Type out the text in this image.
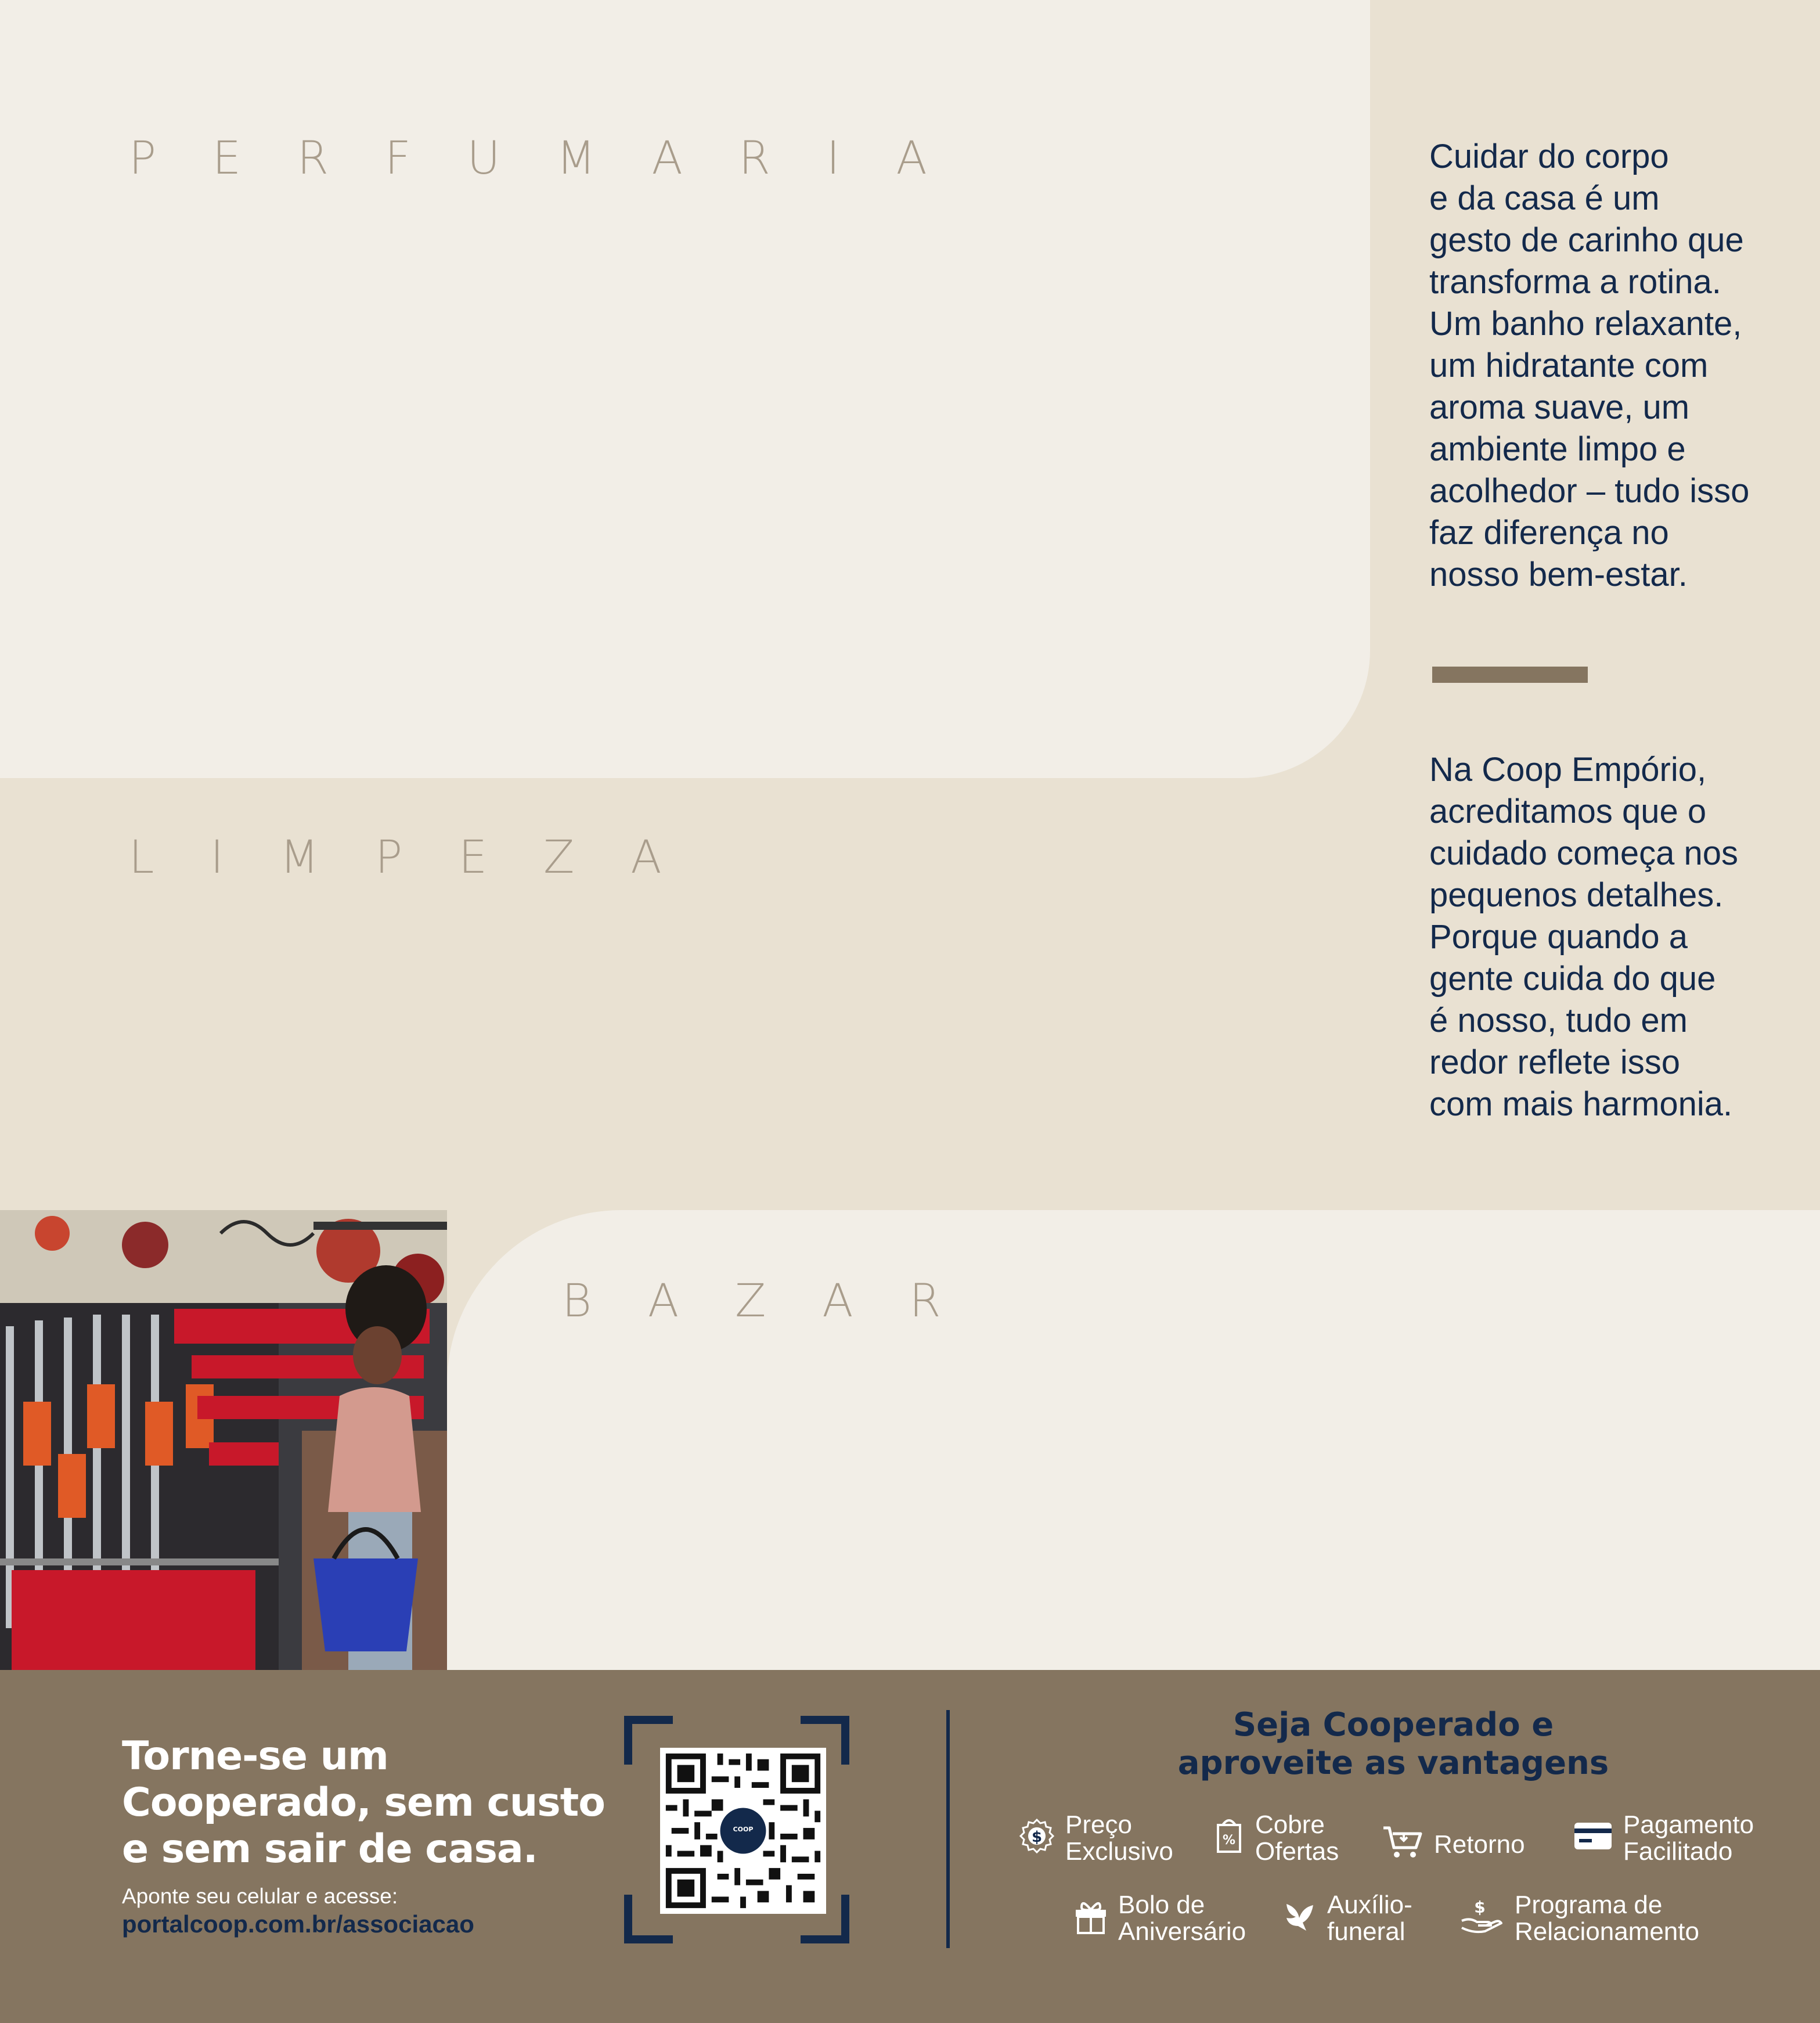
P E R F U M A R I A
L I M P E Z A
Cuidar do corpo
e da casa é um
gesto de carinho que
transforma a rotina.
Um banho relaxante,
um hidratante com
aroma suave, um
ambiente limpo e
acolhedor – tudo isso
faz diferença no
nosso bem-estar.
Na Coop Empório,
acreditamos que o
cuidado começa nos
pequenos detalhes.
Porque quando a
gente cuida do que
é nosso, tudo em
redor reflete isso
com mais harmonia.
B A Z A R
Torne-se um
Cooperado, sem custo
e sem sair de casa.
Aponte seu celular e acesse:
portalcoop.com.br/associacao
COOP
Seja Cooperado e
aproveite as vantagens
$ Preço
Exclusivo	%
Cobre
Ofertas	Retorno
Pagamento
Facilitado
Bolo de
Aniversário
Auxílio-
funeral
$ Programa de
Relacionamento
